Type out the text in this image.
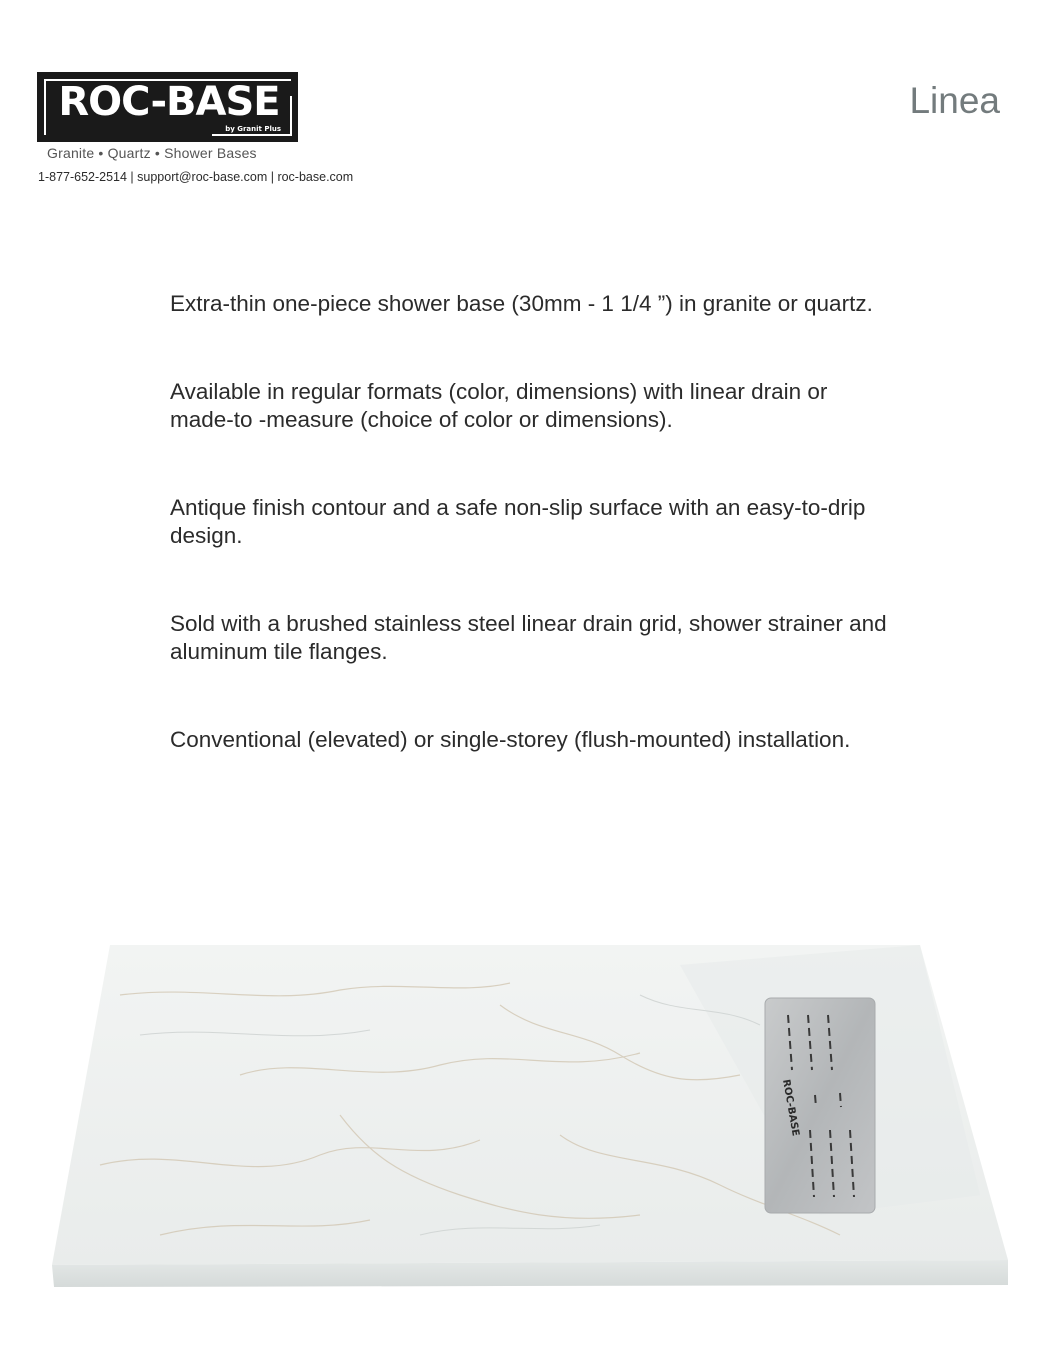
ROC-BASE
by Granit Plus
Granite • Quartz • Shower Bases
1-877-652-2514 | support@roc-base.com | roc-base.com
Linea

Extra-thin one-piece shower base (30mm - 1 1/4 ”) in granite or quartz.

Available in regular formats (color, dimensions) with linear drain or made-to -measure (choice of color or dimensions).

Antique finish contour and a safe non-slip surface with an easy-to-drip design.

Sold with a brushed stainless steel linear drain grid, shower strainer and aluminum tile flanges.

Conventional (elevated) or single-storey (flush-mounted) installation.

ROC-BASE
